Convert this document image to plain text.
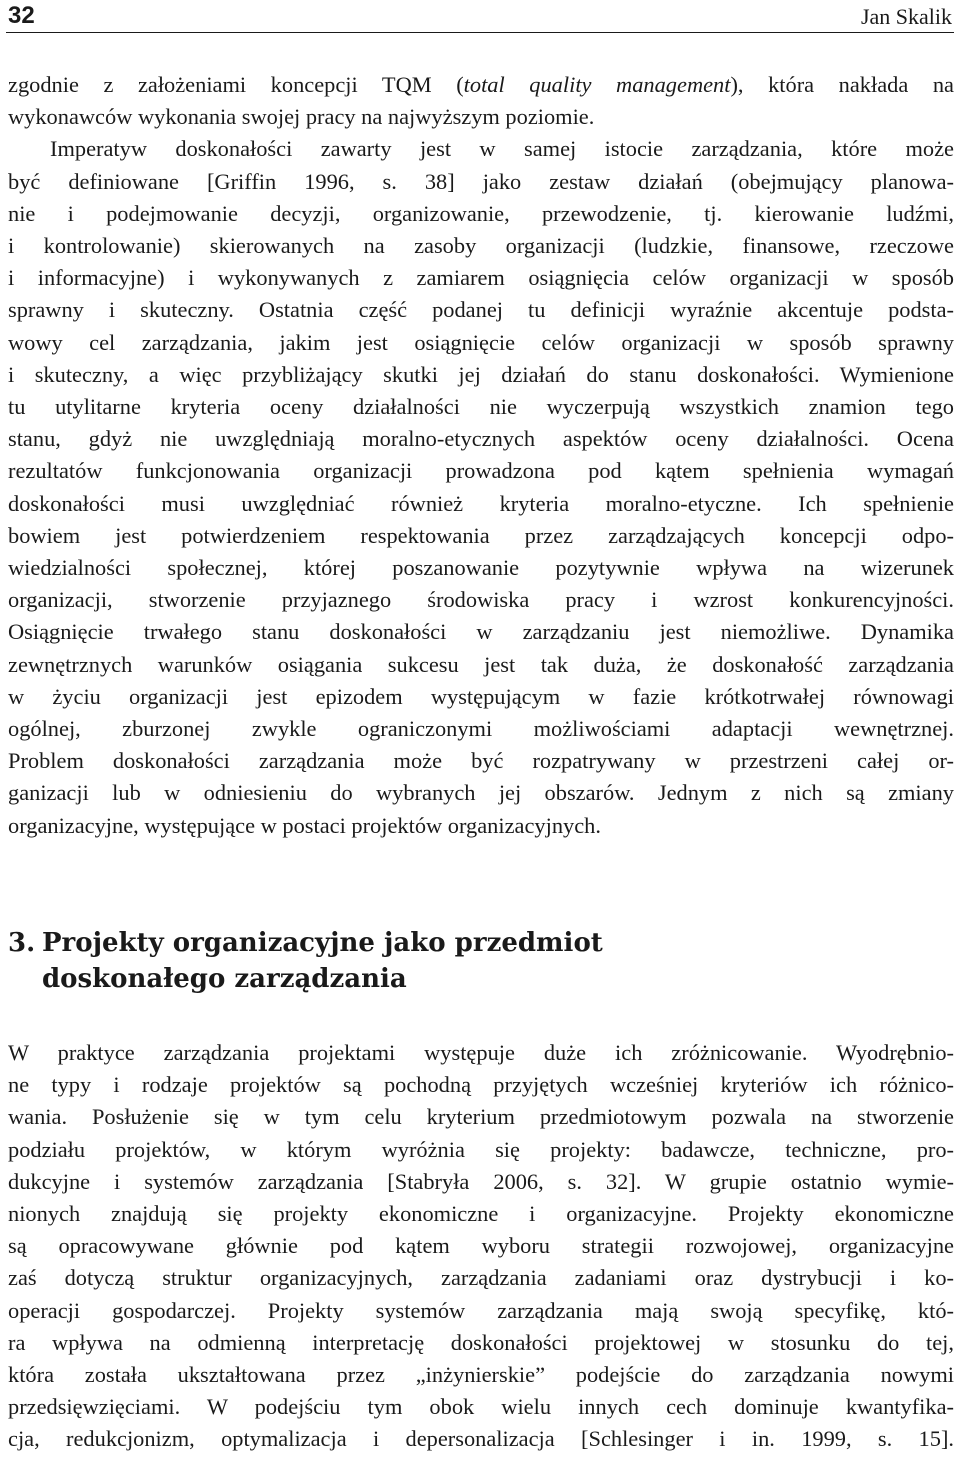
32	Jan Skalik
zgodnie z założeniami koncepcji TQM (total quality management), która nakłada na
wykonawców wykonania swojej pracy na najwyższym poziomie.
Imperatyw doskonałości zawarty jest w samej istocie zarządzania, które może
być definiowane [Griffin 1996, s. 38] jako zestaw działań (obejmujący planowa-
nie i podejmowanie decyzji, organizowanie, przewodzenie, tj. kierowanie ludźmi,
i kontrolowanie) skierowanych na zasoby organizacji (ludzkie, finansowe, rzeczowe
i informacyjne) i wykonywanych z zamiarem osiągnięcia celów organizacji w sposób
sprawny i skuteczny. Ostatnia część podanej tu definicji wyraźnie akcentuje podsta-
wowy cel zarządzania, jakim jest osiągnięcie celów organizacji w sposób sprawny
i skuteczny, a więc przybliżający skutki jej działań do stanu doskonałości. Wymienione
tu utylitarne kryteria oceny działalności nie wyczerpują wszystkich znamion tego
stanu, gdyż nie uwzględniają moralno-etycznych aspektów oceny działalności. Ocena
rezultatów funkcjonowania organizacji prowadzona pod kątem spełnienia wymagań
doskonałości musi uwzględniać również kryteria moralno-etyczne. Ich spełnienie
bowiem jest potwierdzeniem respektowania przez zarządzających koncepcji odpo-
wiedzialności społecznej, której poszanowanie pozytywnie wpływa na wizerunek
organizacji, stworzenie przyjaznego środowiska pracy i wzrost konkurencyjności.
Osiągnięcie trwałego stanu doskonałości w zarządzaniu jest niemożliwe. Dynamika
zewnętrznych warunków osiągania sukcesu jest tak duża, że doskonałość zarządzania
w życiu organizacji jest epizodem występującym w fazie krótkotrwałej równowagi
ogólnej, zburzonej zwykle ograniczonymi możliwościami adaptacji wewnętrznej.
Problem doskonałości zarządzania może być rozpatrywany w przestrzeni całej or-
ganizacji lub w odniesieniu do wybranych jej obszarów. Jednym z nich są zmiany
organizacyjne, występujące w postaci projektów organizacyjnych.
3. Projekty organizacyjne jako przedmiot
doskonałego zarządzania
W praktyce zarządzania projektami występuje duże ich zróżnicowanie. Wyodrębnio-
ne typy i rodzaje projektów są pochodną przyjętych wcześniej kryteriów ich różnico-
wania. Posłużenie się w tym celu kryterium przedmiotowym pozwala na stworzenie
podziału projektów, w którym wyróżnia się projekty: badawcze, techniczne, pro-
dukcyjne i systemów zarządzania [Stabryła 2006, s. 32]. W grupie ostatnio wymie-
nionych znajdują się projekty ekonomiczne i organizacyjne. Projekty ekonomiczne
są opracowywane głównie pod kątem wyboru strategii rozwojowej, organizacyjne
zaś dotyczą struktur organizacyjnych, zarządzania zadaniami oraz dystrybucji i ko-
operacji gospodarczej. Projekty systemów zarządzania mają swoją specyfikę, któ-
ra wpływa na odmienną interpretację doskonałości projektowej w stosunku do tej,
która została ukształtowana przez „inżynierskie” podejście do zarządzania nowymi
przedsięwzięciami. W podejściu tym obok wielu innych cech dominuje kwantyfika-
cja, redukcjonizm, optymalizacja i depersonalizacja [Schlesinger i in. 1999, s. 15].
